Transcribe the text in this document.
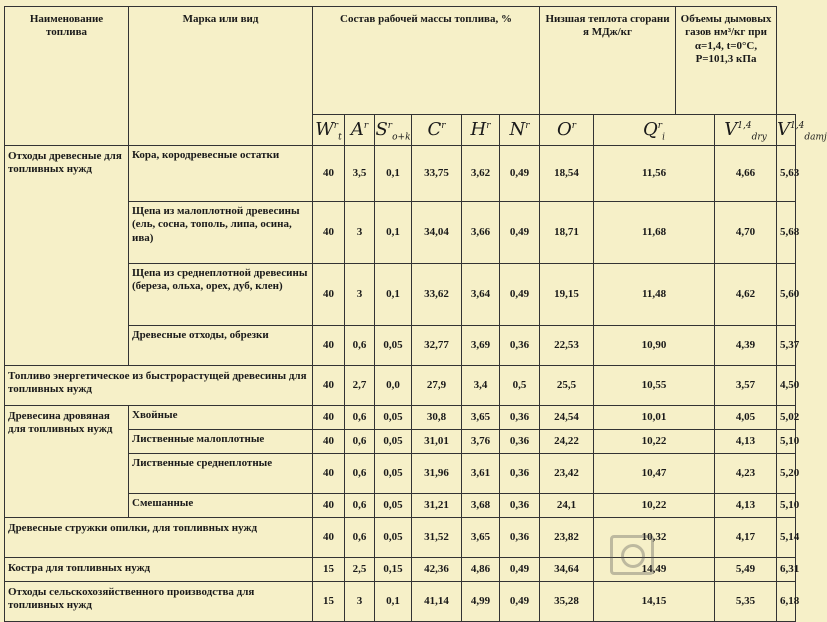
Наименование топлива	Марка или вид	Состав рабочей массы топлива, %						Низшая теплота сгорани я МДж/кг		Объемы дымовых газов нм³/кг при α=1,4, t=0°C, P=101,3 кПа		
		$W^r_t$	$A^r$	$S^r_{o+k}$	$C^r$	$H^r$	$N^r$	$O^r$	$Q^r_i$		V$^{1,4}_{dry}$	V$^{1,4}_{damj}$
Отходы древесные для топливных нужд	Кора, кородревесные остатки	40	3,5	0,1	33,75	3,62	0,49	18,54	11,56		4,66	5,63
	Щепа из малоплотной древесины (ель, сосна, тополь, липа, осина, ива)	40	3	0,1	34,04	3,66	0,49	18,71	11,68		4,70	5,68
	Щепа из среднеплотной древесины (береза, ольха, орех, дуб, клен)	40	3	0,1	33,62	3,64	0,49	19,15	11,48		4,62	5,60
	Древесные отходы, обрезки	40	0,6	0,05	32,77	3,69	0,36	22,53	10,90		4,39	5,37
Топливо энергетическое из быстрорастущей древесины для топливных нужд		40	2,7	0,0	27,9	3,4	0,5	25,5	10,55		3,57	4,50
Древесина дровяная для топливных нужд	Хвойные	40	0,6	0,05	30,8	3,65	0,36	24,54	10,01		4,05	5,02
	Лиственные малоплотные	40	0,6	0,05	31,01	3,76	0,36	24,22	10,22		4,13	5,10
	Лиственные среднеплотные	40	0,6	0,05	31,96	3,61	0,36	23,42	10,47		4,23	5,20
	Смешанные	40	0,6	0,05	31,21	3,68	0,36	24,1	10,22		4,13	5,10
Древесные стружки опилки, для топливных нужд		40	0,6	0,05	31,52	3,65	0,36	23,82	10,32		4,17	5,14
Костра для топливных нужд		15	2,5	0,15	42,36	4,86	0,49	34,64	14,49		5,49	6,31
Отходы сельскохозяйственного производства для топливных нужд		15	3	0,1	41,14	4,99	0,49	35,28	14,15		5,35	6,18
